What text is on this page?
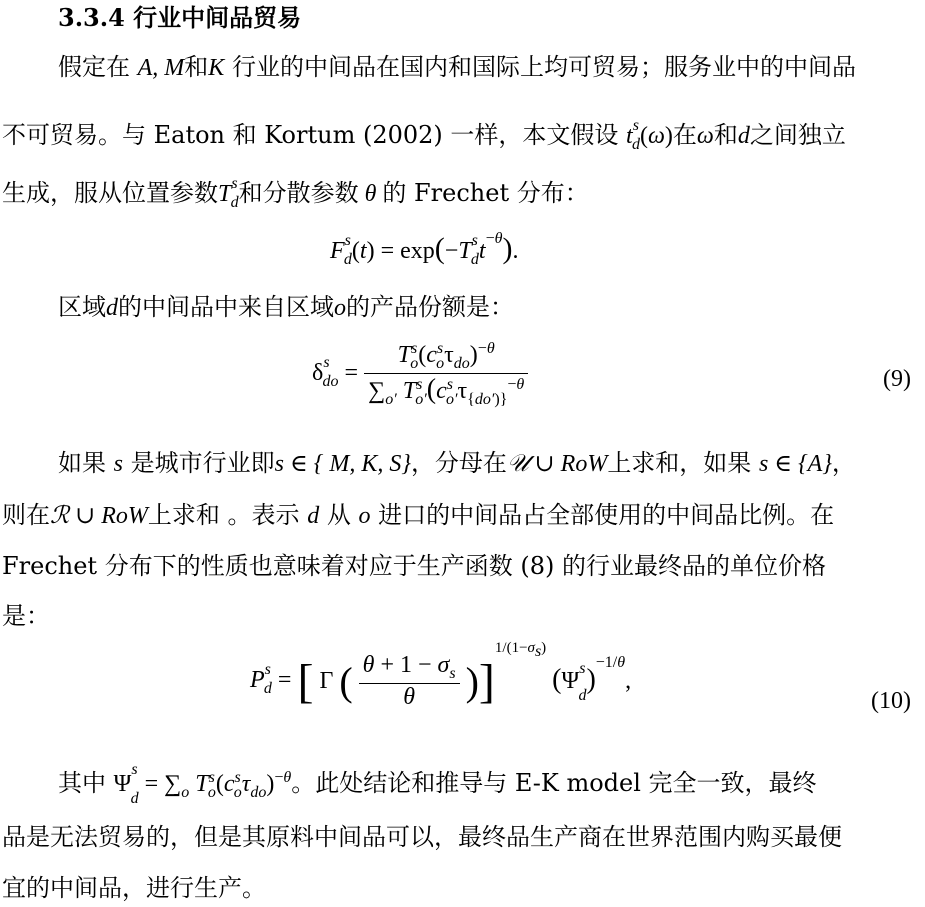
3.3.4 行业中间品贸易
假定在 A, M和K 行业的中间品在国内和国际上均可贸易；服务业中的中间品
不可贸易。与 Eaton 和 Kortum (2002) 一样，本文假设 $t^s_d(\omega)$在ω和d之间独立
生成，服从位置参数$T^s_d$和分散参数 θ 的 Frechet 分布：
$F^s_d(t) = \exp(-T^s_dt^{-\theta})$.
区域d的中间品中来自区域o的产品份额是：
$\delta^s_{do} = \frac{T^s_o(c^s_o\tau_{do})^{-\theta}}{\sum_{o'} T^s_{o'}(c^s_{o'}\tau_{\{do')\}}^{-\theta}}$	(9)
如果 s 是城市行业即s ∈ { M, K, S}，分母在𝒰 ∪ RoW上求和，如果 s ∈ {A}，
则在ℛ ∪ RoW上求和 。表示 d 从 o 进口的中间品占全部使用的中间品比例。在
Frechet 分布下的性质也意味着对应于生产函数 (8) 的行业最终品的单位价格
是：
$P^s_d$ = [ Γ ( $\frac{\theta + 1 - \sigma_s}{\theta} )]^{1/(1-\sigma_s)}$ $(\Psi^s_d)^{-1/\theta}$,
(10)
其中 $\Psi^s_d = \sum_o$ $T^s_o(c^s_o\tau_{do})^{-\theta}$。此处结论和推导与 E-K model 完全一致，最终
品是无法贸易的，但是其原料中间品可以，最终品生产商在世界范围内购买最便
宜的中间品，进行生产。
